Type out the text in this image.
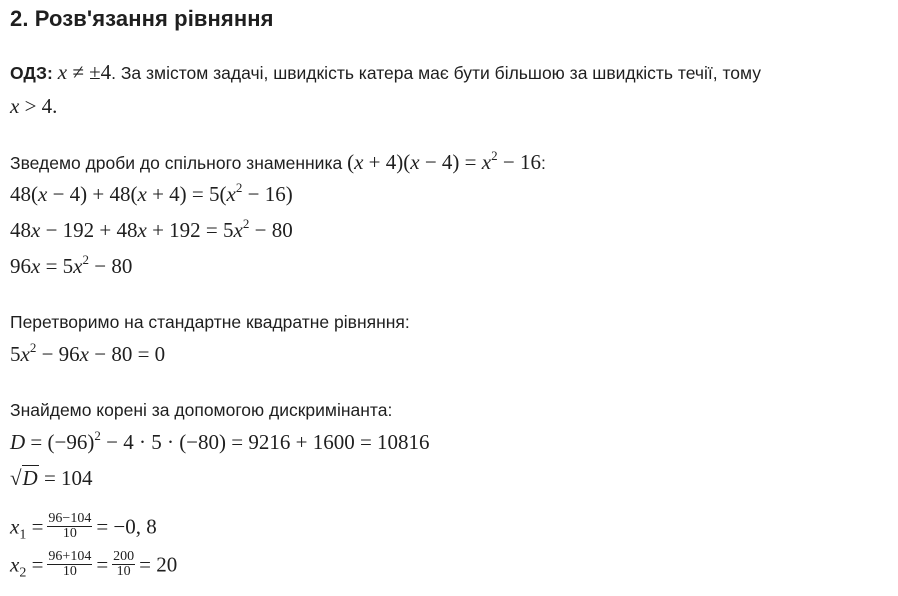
2. Розв'язання рівняння
ОДЗ: x ≠ ±4. За змістом задачі, швидкість катера має бути більшою за швидкість течії, тому
x > 4.
Зведемо дроби до спільного знаменника $(x + 4)(x - 4) = x^2 - 16$:
$48(x - 4) + 48(x + 4) = 5(x^2 - 16)$
$48x - 192 + 48x + 192 = 5x^2 - 80$
$96x = 5x^2 - 80$
Перетворимо на стандартне квадратне рівняння:
$5x^2 - 96x - 80 = 0$
Знайдемо корені за допомогою дискримінанта:
$D = (-96)^2 - 4 \cdot 5 \cdot (-80) = 9216 + 1600 = 10816$
√D = 104
$x_1 = \frac{96-104}{10} = -0$, 8
$x_2 = \frac{96+104}{10} = \frac{200}{10} = 20$
